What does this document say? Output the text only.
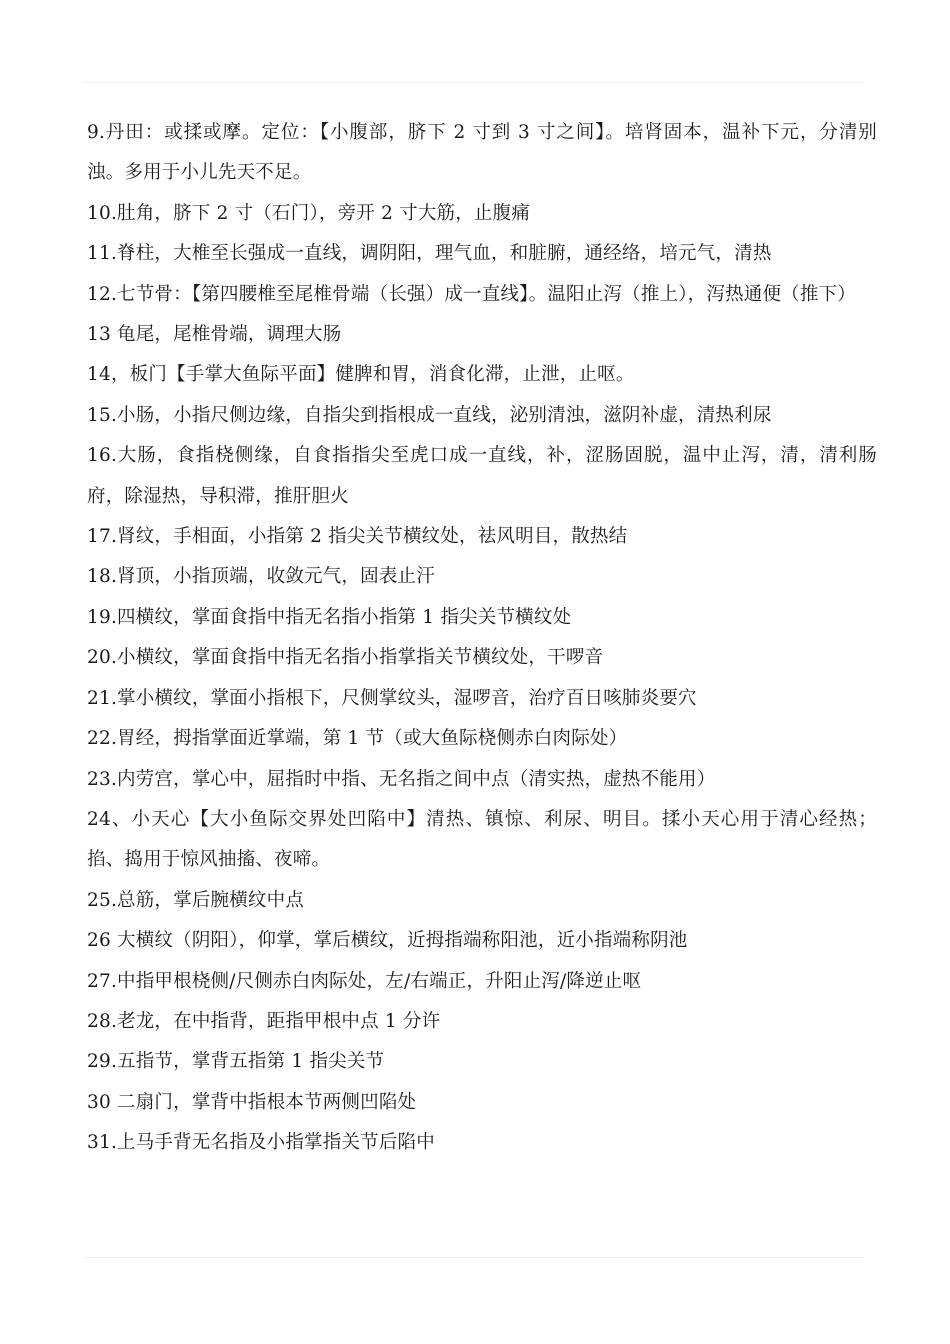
9.丹田：或揉或摩。定位：【小腹部，脐下 2 寸到 3 寸之间】。培肾固本，温补下元，分清别浊。多用于小儿先天不足。

10.肚角，脐下 2 寸（石门），旁开 2 寸大筋，止腹痛

11.脊柱，大椎至长强成一直线，调阴阳，理气血，和脏腑，通经络，培元气，清热

12.七节骨：【第四腰椎至尾椎骨端（长强）成一直线】。温阳止泻（推上），泻热通便（推下）

13 龟尾，尾椎骨端，调理大肠

14，板门【手掌大鱼际平面】健脾和胃，消食化滞，止泄，止呕。

15.小肠，小指尺侧边缘，自指尖到指根成一直线，泌别清浊，滋阴补虚，清热利尿

16.大肠，食指桡侧缘，自食指指尖至虎口成一直线，补，涩肠固脱，温中止泻，清，清利肠府，除湿热，导积滞，推肝胆火

17.肾纹，手相面，小指第 2 指尖关节横纹处，祛风明目，散热结

18.肾顶，小指顶端，收敛元气，固表止汗

19.四横纹，掌面食指中指无名指小指第 1 指尖关节横纹处

20.小横纹，掌面食指中指无名指小指掌指关节横纹处，干啰音

21.掌小横纹，掌面小指根下，尺侧掌纹头，湿啰音，治疗百日咳肺炎要穴

22.胃经，拇指掌面近掌端，第 1 节（或大鱼际桡侧赤白肉际处）

23.内劳宫，掌心中，屈指时中指、无名指之间中点（清实热，虚热不能用）

24、小天心【大小鱼际交界处凹陷中】清热、镇惊、利尿、明目。揉小天心用于清心经热；掐、捣用于惊风抽搐、夜啼。

25.总筋，掌后腕横纹中点

26 大横纹（阴阳），仰掌，掌后横纹，近拇指端称阳池，近小指端称阴池

27.中指甲根桡侧/尺侧赤白肉际处，左/右端正，升阳止泻/降逆止呕

28.老龙，在中指背，距指甲根中点 1 分许

29.五指节，掌背五指第 1 指尖关节

30 二扇门，掌背中指根本节两侧凹陷处

31.上马手背无名指及小指掌指关节后陷中
